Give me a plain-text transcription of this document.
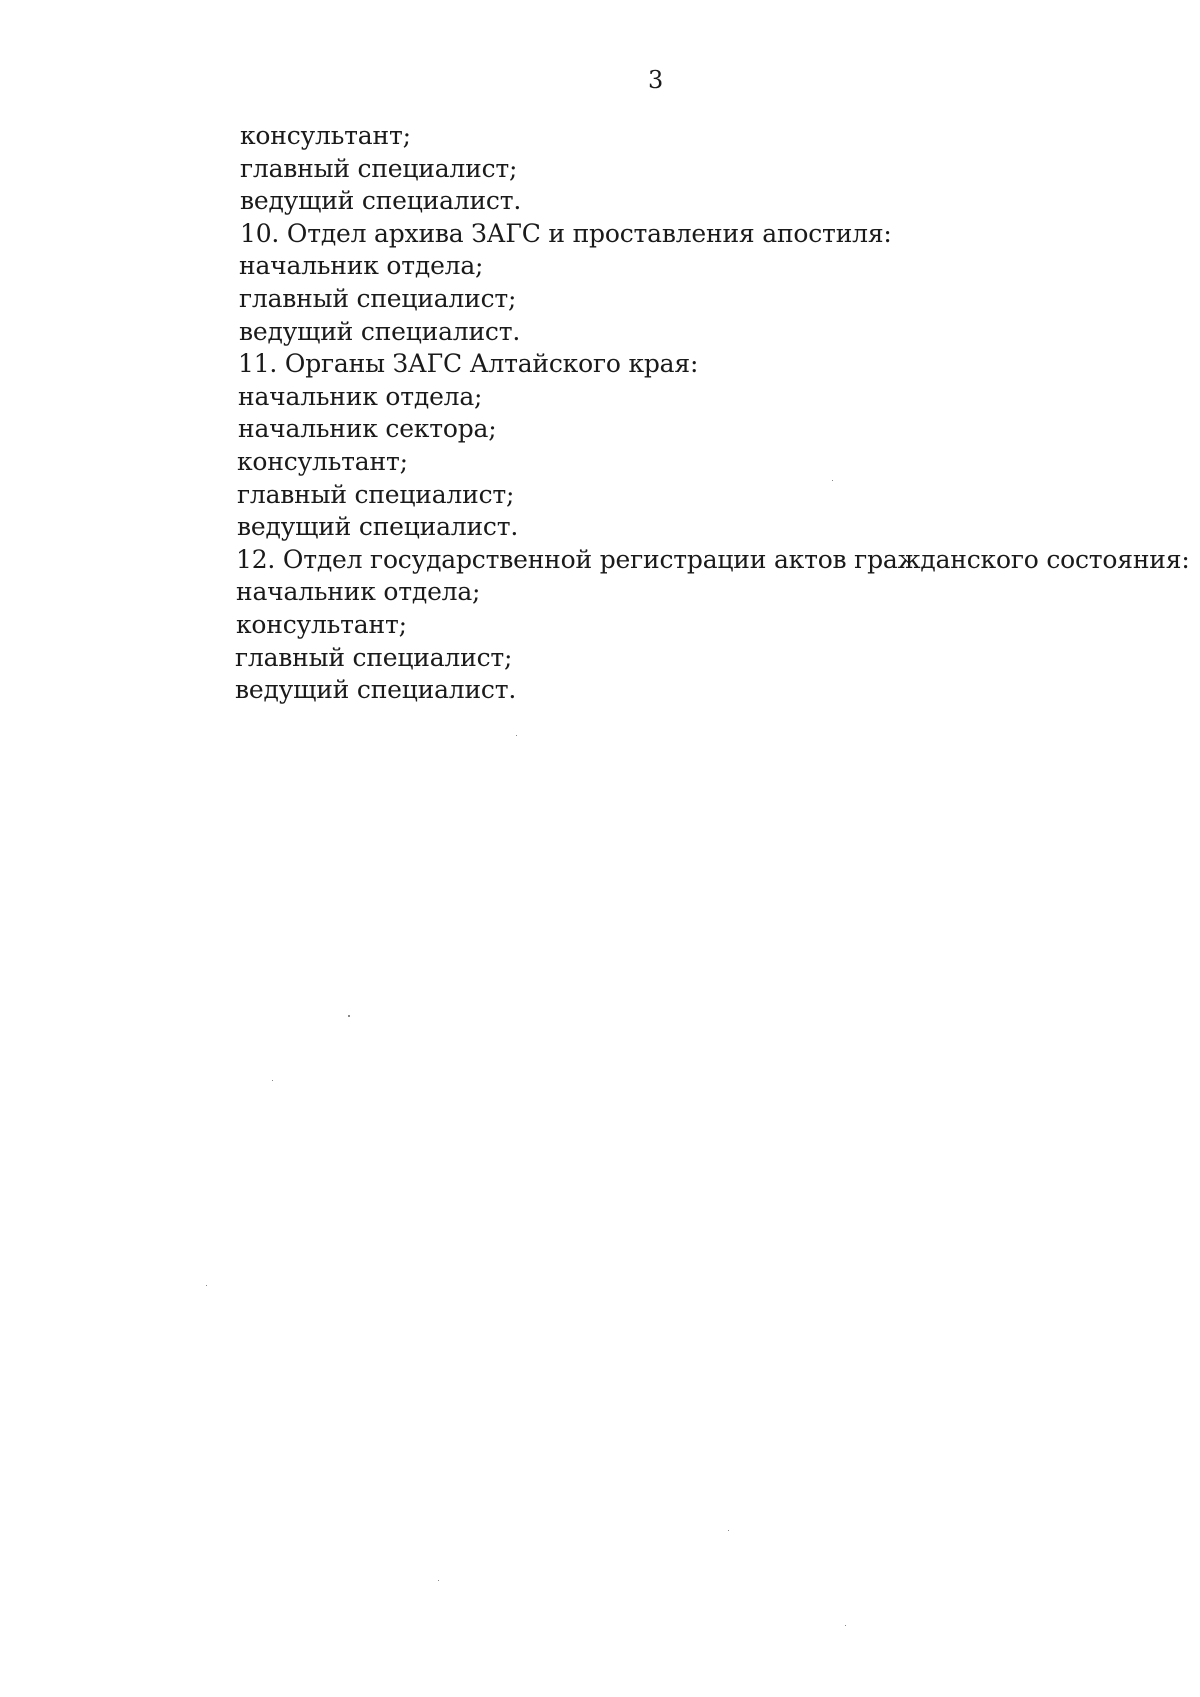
3
консультант;
главный специалист;
ведущий специалист.
10. Отдел архива ЗАГС и проставления апостиля:
начальник отдела;
главный специалист;
ведущий специалист.
11. Органы ЗАГС Алтайского края:
начальник отдела;
начальник сектора;
консультант;
главный специалист;
ведущий специалист.
12. Отдел государственной регистрации актов гражданского состояния:
начальник отдела;
консультант;
главный специалист;
ведущий специалист.
